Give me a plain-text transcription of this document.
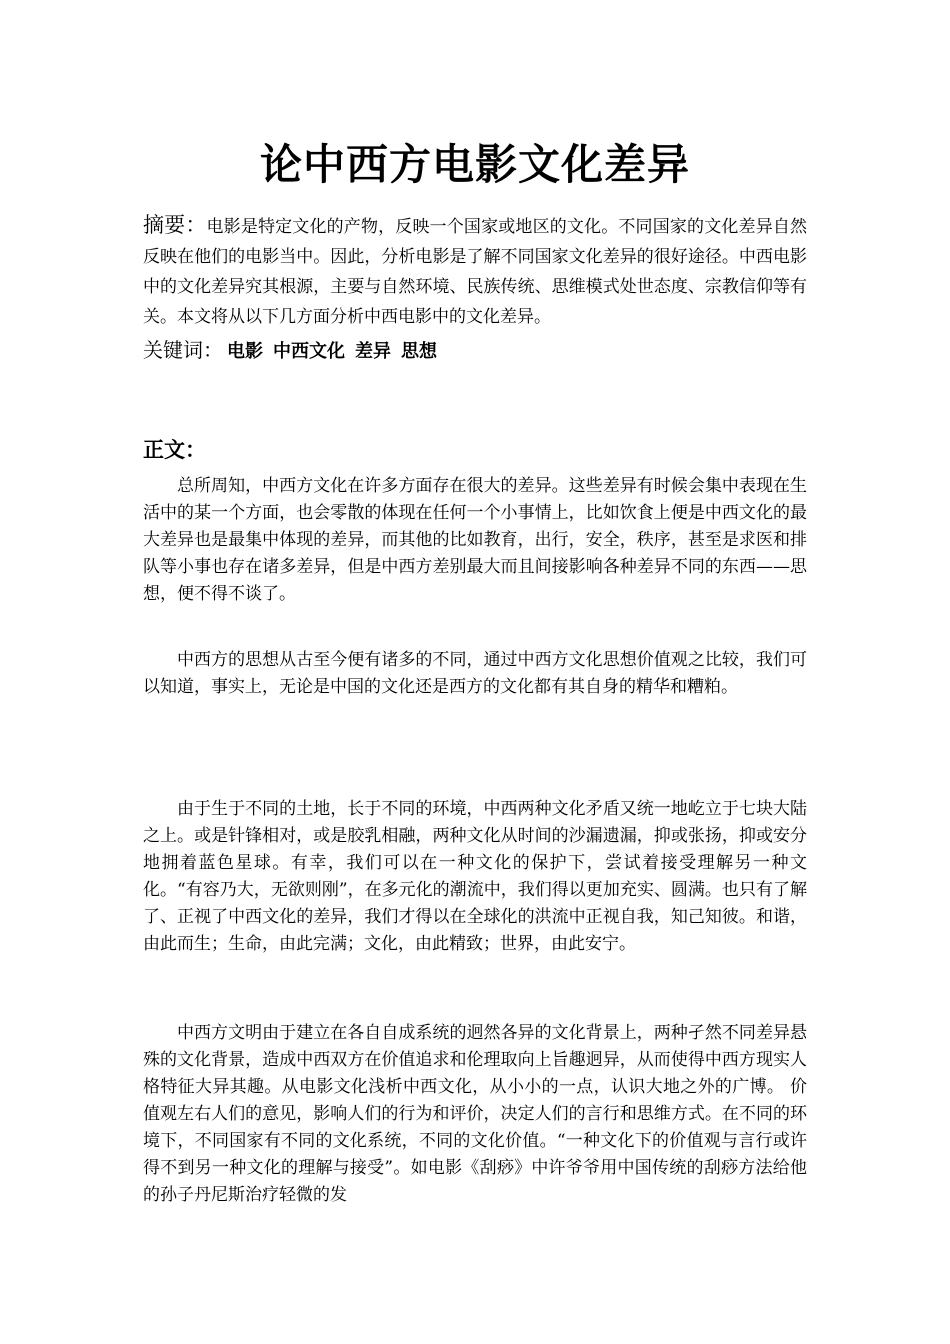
论中西方电影文化差异

摘要：电影是特定文化的产物，反映一个国家或地区的文化。不同国家的文化差异自然反映在他们的电影当中。因此，分析电影是了解不同国家文化差异的很好途径。中西电影中的文化差异究其根源，主要与自然环境、民族传统、思维模式处世态度、宗教信仰等有关。本文将从以下几方面分析中西电影中的文化差异。

关键词： 电影 中西文化 差异 思想

正文：

总所周知，中西方文化在许多方面存在很大的差异。这些差异有时候会集中表现在生活中的某一个方面，也会零散的体现在任何一个小事情上，比如饮食上便是中西文化的最大差异也是最集中体现的差异，而其他的比如教育，出行，安全，秩序，甚至是求医和排队等小事也存在诸多差异，但是中西方差别最大而且间接影响各种差异不同的东西——思想，便不得不谈了。

中西方的思想从古至今便有诸多的不同，通过中西方文化思想价值观之比较，我们可以知道，事实上，无论是中国的文化还是西方的文化都有其自身的精华和糟粕。

由于生于不同的土地，长于不同的环境，中西两种文化矛盾又统一地屹立于七块大陆之上。或是针锋相对，或是胶乳相融，两种文化从时间的沙漏遗漏，抑或张扬，抑或安分地拥着蓝色星球。有幸，我们可以在一种文化的保护下，尝试着接受理解另一种文化。“有容乃大，无欲则刚”，在多元化的潮流中，我们得以更加充实、圆满。也只有了解了、正视了中西文化的差异，我们才得以在全球化的洪流中正视自我，知己知彼。和谐，由此而生；生命，由此完满；文化，由此精致；世界，由此安宁。

中西方文明由于建立在各自自成系统的迥然各异的文化背景上，两种孑然不同差异悬殊的文化背景，造成中西双方在价值追求和伦理取向上旨趣迥异，从而使得中西方现实人格特征大异其趣。从电影文化浅析中西文化，从小小的一点，认识大地之外的广博。 价值观左右人们的意见，影响人们的行为和评价，决定人们的言行和思维方式。在不同的环境下，不同国家有不同的文化系统，不同的文化价值。“一种文化下的价值观与言行或许得不到另一种文化的理解与接受”。如电影《刮痧》中许爷爷用中国传统的刮痧方法给他的孙子丹尼斯治疗轻微的发
